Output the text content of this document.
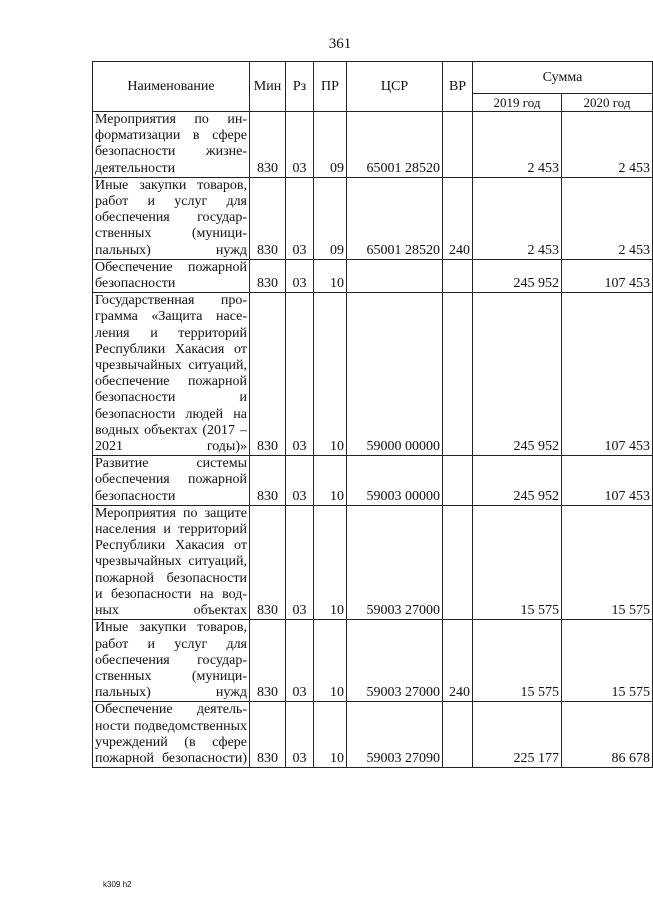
361
Наименование	Мин	Рз	ПР	ЦСР	ВР	Сумма	
						2019 год	2020 год
Мероприятия по информатизации в сфере безопасности жизнедеятельности	830	03	09	65001 28520		2 453	2 453
Иные закупки товаров, работ и услуг для обеспечения государственных (муниципальных) нужд	830	03	09	65001 28520	240	2 453	2 453
Обеспечение пожарной безопасности	830	03	10			245 952	107 453
Государственная программа «Защита населения и территорий Республики Хакасия от чрезвычайных ситуаций, обеспечение пожарной безопасности и безопасности людей на водных объектах (2017 – 2021 годы)»	830	03	10	59000 00000		245 952	107 453
Развитие системы обеспечения пожарной безопасности	830	03	10	59003 00000		245 952	107 453
Мероприятия по защите населения и территорий Республики Хакасия от чрезвычайных ситуаций, пожарной безопасности и безопасности на водных объектах	830	03	10	59003 27000		15 575	15 575
Иные закупки товаров, работ и услуг для обеспечения государственных (муниципальных) нужд	830	03	10	59003 27000	240	15 575	15 575
Обеспечение деятельности подведомственных учреждений (в сфере пожарной безопасности)	830	03	10	59003 27090		225 177	86 678
k309 h2
